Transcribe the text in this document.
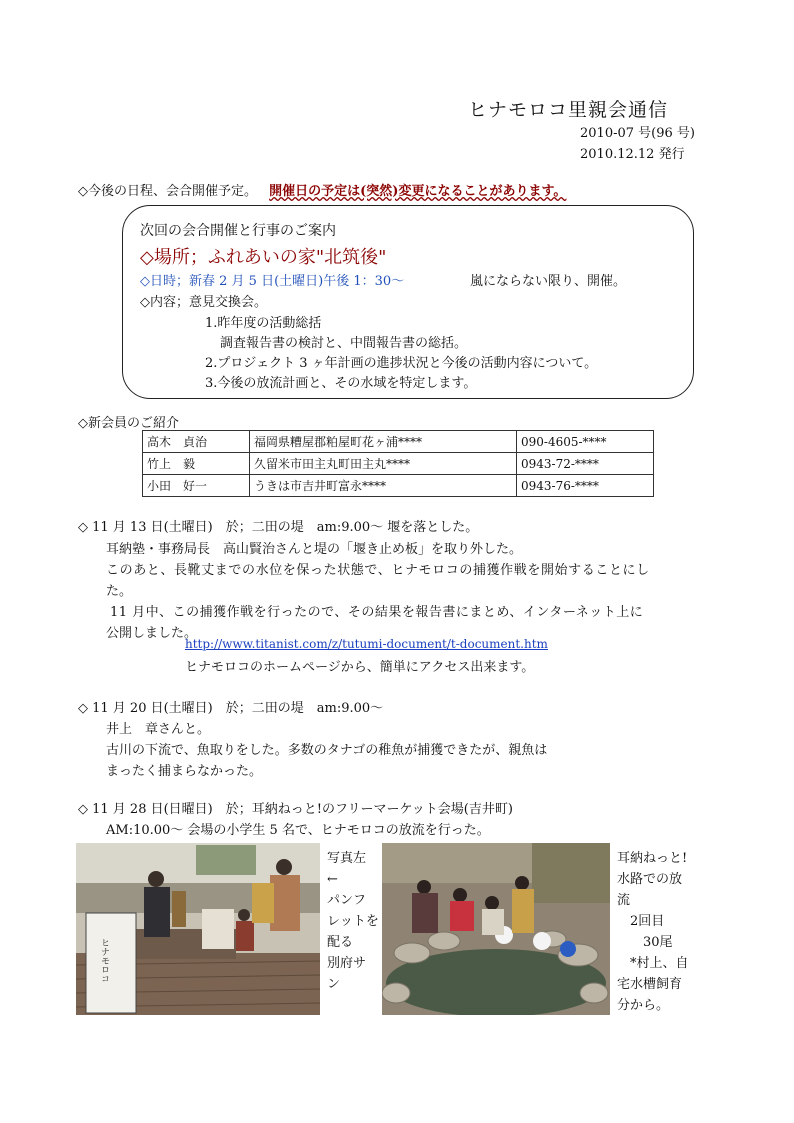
ヒナモロコ里親会通信
2010-07 号(96 号)
2010.12.12 発行
◇今後の日程、会合開催予定。 開催日の予定は(突然)変更になることがあります。
次回の会合開催と行事のご案内
◇場所；ふれあいの家"北筑後"
◇日時；新春 2 月 5 日(土曜日)午後 1：30～	嵐にならない限り、開催。
◇内容；意見交換会。
1.昨年度の活動総括
調査報告書の検討と、中間報告書の総括。
2.プロジェクト 3 ヶ年計画の進捗状況と今後の活動内容について。
3.今後の放流計画と、その水域を特定します。
◇新会員のご紹介
高木　貞治	福岡県糟屋郡粕屋町花ヶ浦****	090-4605-****
竹上　毅	久留米市田主丸町田主丸****	0943-72-****
小田　好一	うきは市吉井町富永****	0943-76-****
◇ 11 月 13 日(土曜日)　於；二田の堤　am:9.00～ 堰を落とした。
耳納塾・事務局長　高山賢治さんと堤の「堰き止め板」を取り外した。
このあと、長靴丈までの水位を保った状態で、ヒナモロコの捕獲作戦を開始することにし
た。
11 月中、この捕獲作戦を行ったので、その結果を報告書にまとめ、インターネット上に
公開しました。
http://www.titanist.com/z/tutumi-document/t-document.htm
ヒナモロコのホームページから、簡単にアクセス出来ます。
◇ 11 月 20 日(土曜日)　於；二田の堤　am:9.00～
井上　章さんと。
古川の下流で、魚取りをした。多数のタナゴの稚魚が捕獲できたが、親魚は
まったく捕まらなかった。
◇ 11 月 28 日(日曜日)　於；耳納ねっと!のフリーマーケット会場(吉井町)
AM:10.00～ 会場の小学生 5 名で、ヒナモロコの放流を行った。
ヒナモロコ
写真左
←
パンフ
レットを
配る
別府サ
ン
耳納ねっと!
水路での放
流
　2回目
　　30尾
　*村上、自
宅水槽飼育
分から。
